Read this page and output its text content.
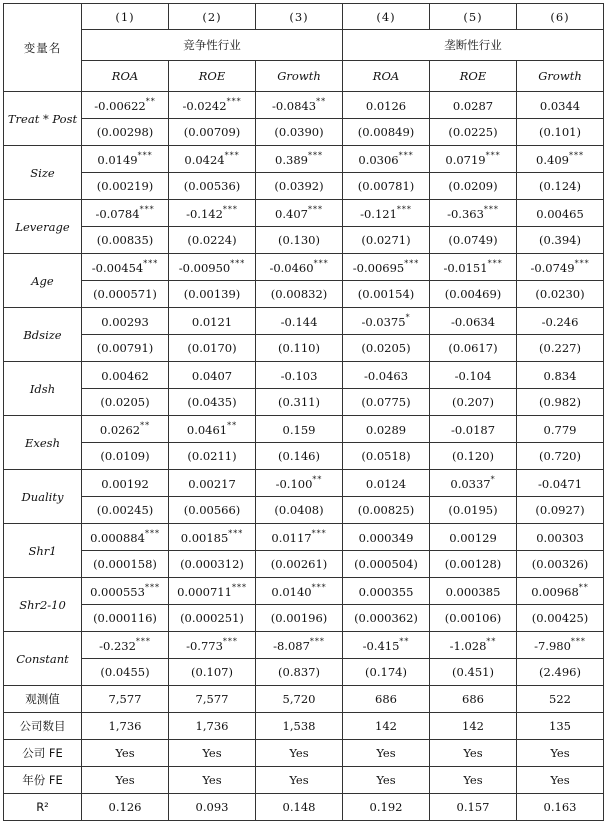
变量名	(1)	(2)	(3)	(4)	(5)	(6)
	竞争性行业			垄断性行业		
	ROA	ROE	Growth	ROA	ROE	Growth
Treat * Post	-0.00622**	-0.0242***	-0.0843**	0.0126	0.0287	0.0344
	(0.00298)	(0.00709)	(0.0390)	(0.00849)	(0.0225)	(0.101)
Size	0.0149***	0.0424***	0.389***	0.0306***	0.0719***	0.409***
	(0.00219)	(0.00536)	(0.0392)	(0.00781)	(0.0209)	(0.124)
Leverage	-0.0784***	-0.142***	0.407***	-0.121***	-0.363***	0.00465
	(0.00835)	(0.0224)	(0.130)	(0.0271)	(0.0749)	(0.394)
Age	-0.00454***	-0.00950***	-0.0460***	-0.00695***	-0.0151***	-0.0749***
	(0.000571)	(0.00139)	(0.00832)	(0.00154)	(0.00469)	(0.0230)
Bdsize	0.00293	0.0121	-0.144	-0.0375*	-0.0634	-0.246
	(0.00791)	(0.0170)	(0.110)	(0.0205)	(0.0617)	(0.227)
Idsh	0.00462	0.0407	-0.103	-0.0463	-0.104	0.834
	(0.0205)	(0.0435)	(0.311)	(0.0775)	(0.207)	(0.982)
Exesh	0.0262**	0.0461**	0.159	0.0289	-0.0187	0.779
	(0.0109)	(0.0211)	(0.146)	(0.0518)	(0.120)	(0.720)
Duality	0.00192	0.00217	-0.100**	0.0124	0.0337*	-0.0471
	(0.00245)	(0.00566)	(0.0408)	(0.00825)	(0.0195)	(0.0927)
Shr1	0.000884***	0.00185***	0.0117***	0.000349	0.00129	0.00303
	(0.000158)	(0.000312)	(0.00261)	(0.000504)	(0.00128)	(0.00326)
Shr2-10	0.000553***	0.000711***	0.0140***	0.000355	0.000385	0.00968**
	(0.000116)	(0.000251)	(0.00196)	(0.000362)	(0.00106)	(0.00425)
Constant	-0.232***	-0.773***	-8.087***	-0.415**	-1.028**	-7.980***
	(0.0455)	(0.107)	(0.837)	(0.174)	(0.451)	(2.496)
观测值	7,577	7,577	5,720	686	686	522
公司数目	1,736	1,736	1,538	142	142	135
公司 FE	Yes	Yes	Yes	Yes	Yes	Yes
年份 FE	Yes	Yes	Yes	Yes	Yes	Yes
R²	0.126	0.093	0.148	0.192	0.157	0.163
